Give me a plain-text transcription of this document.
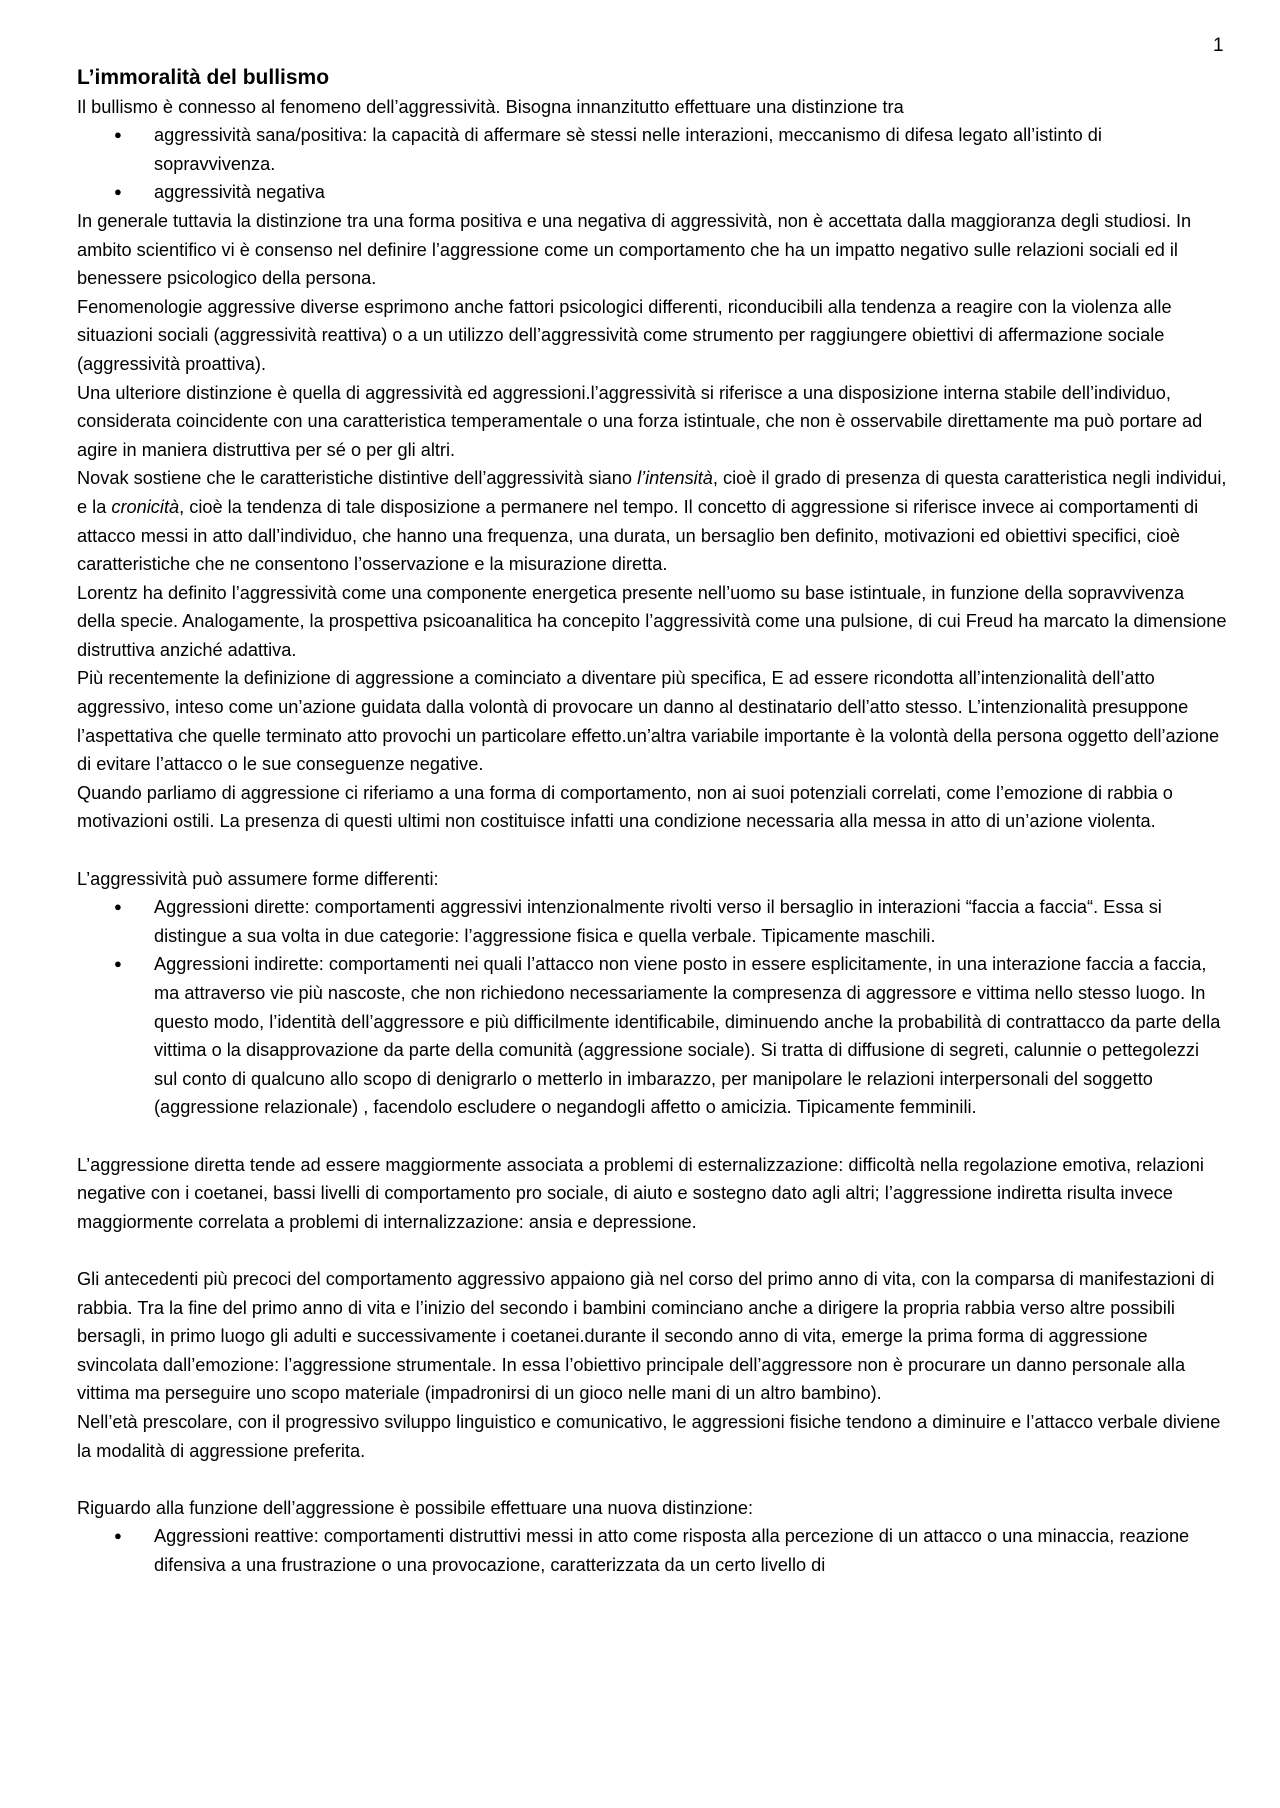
1
L’immoralità del bullismo

Il bullismo è connesso al fenomeno dell’aggressività. Bisogna innanzitutto effettuare una distinzione tra

● aggressività sana/positiva: la capacità di affermare sè stessi nelle interazioni, meccanismo di difesa legato all’istinto di sopravvivenza.
● aggressività negativa

In generale tuttavia la distinzione tra una forma positiva e una negativa di aggressività, non è accettata dalla maggioranza degli studiosi. In ambito scientifico vi è consenso nel definire l’aggressione come un comportamento che ha un impatto negativo sulle relazioni sociali ed il benessere psicologico della persona.

Fenomenologie aggressive diverse esprimono anche fattori psicologici differenti, riconducibili alla tendenza a reagire con la violenza alle situazioni sociali (aggressività reattiva) o a un utilizzo dell’aggressività come strumento per raggiungere obiettivi di affermazione sociale (aggressività proattiva).

Una ulteriore distinzione è quella di aggressività ed aggressioni.l’aggressività si riferisce a una disposizione interna stabile dell’individuo, considerata coincidente con una caratteristica temperamentale o una forza istintuale, che non è osservabile direttamente ma può portare ad agire in maniera distruttiva per sé o per gli altri.

Novak sostiene che le caratteristiche distintive dell’aggressività siano l’intensità, cioè il grado di presenza di questa caratteristica negli individui, e la cronicità, cioè la tendenza di tale disposizione a permanere nel tempo. Il concetto di aggressione si riferisce invece ai comportamenti di attacco messi in atto dall’individuo, che hanno una frequenza, una durata, un bersaglio ben definito, motivazioni ed obiettivi specifici, cioè caratteristiche che ne consentono l’osservazione e la misurazione diretta.

Lorentz ha definito l’aggressività come una componente energetica presente nell’uomo su base istintuale, in funzione della sopravvivenza della specie. Analogamente, la prospettiva psicoanalitica ha concepito l’aggressività come una pulsione, di cui Freud ha marcato la dimensione distruttiva anziché adattiva.

Più recentemente la definizione di aggressione a cominciato a diventare più specifica, E ad essere ricondotta all’intenzionalità dell’atto aggressivo, inteso come un’azione guidata dalla volontà di provocare un danno al destinatario dell’atto stesso. L’intenzionalità presuppone l’aspettativa che quelle terminato atto provochi un particolare effetto.un’altra variabile importante è la volontà della persona oggetto dell’azione di evitare l’attacco o le sue conseguenze negative.

Quando parliamo di aggressione ci riferiamo a una forma di comportamento, non ai suoi potenziali correlati, come l’emozione di rabbia o motivazioni ostili. La presenza di questi ultimi non costituisce infatti una condizione necessaria alla messa in atto di un’azione violenta.

L’aggressività può assumere forme differenti:

● Aggressioni dirette: comportamenti aggressivi intenzionalmente rivolti verso il bersaglio in interazioni “faccia a faccia“. Essa si distingue a sua volta in due categorie: l’aggressione fisica e quella verbale. Tipicamente maschili.
● Aggressioni indirette: comportamenti nei quali l’attacco non viene posto in essere esplicitamente, in una interazione faccia a faccia, ma attraverso vie più nascoste, che non richiedono necessariamente la compresenza di aggressore e vittima nello stesso luogo. In questo modo, l’identità dell’aggressore e più difficilmente identificabile, diminuendo anche la probabilità di contrattacco da parte della vittima o la disapprovazione da parte della comunità (aggressione sociale). Si tratta di diffusione di segreti, calunnie o pettegolezzi sul conto di qualcuno allo scopo di denigrarlo o metterlo in imbarazzo, per manipolare le relazioni interpersonali del soggetto (aggressione relazionale) , facendolo escludere o negandogli affetto o amicizia. Tipicamente femminili.

L’aggressione diretta tende ad essere maggiormente associata a problemi di esternalizzazione: difficoltà nella regolazione emotiva, relazioni negative con i coetanei, bassi livelli di comportamento pro sociale, di aiuto e sostegno dato agli altri; l’aggressione indiretta risulta invece maggiormente correlata a problemi di internalizzazione: ansia e depressione.

Gli antecedenti più precoci del comportamento aggressivo appaiono già nel corso del primo anno di vita, con la comparsa di manifestazioni di rabbia. Tra la fine del primo anno di vita e l’inizio del secondo i bambini cominciano anche a dirigere la propria rabbia verso altre possibili bersagli, in primo luogo gli adulti e successivamente i coetanei.durante il secondo anno di vita, emerge la prima forma di aggressione svincolata dall’emozione: l’aggressione strumentale. In essa l’obiettivo principale dell’aggressore non è procurare un danno personale alla vittima ma perseguire uno scopo materiale (impadronirsi di un gioco nelle mani di un altro bambino).

Nell’età prescolare, con il progressivo sviluppo linguistico e comunicativo, le aggressioni fisiche tendono a diminuire e l’attacco verbale diviene la modalità di aggressione preferita.

Riguardo alla funzione dell’aggressione è possibile effettuare una nuova distinzione:

● Aggressioni reattive: comportamenti distruttivi messi in atto come risposta alla percezione di un attacco o una minaccia, reazione difensiva a una frustrazione o una provocazione, caratterizzata da un certo livello di
